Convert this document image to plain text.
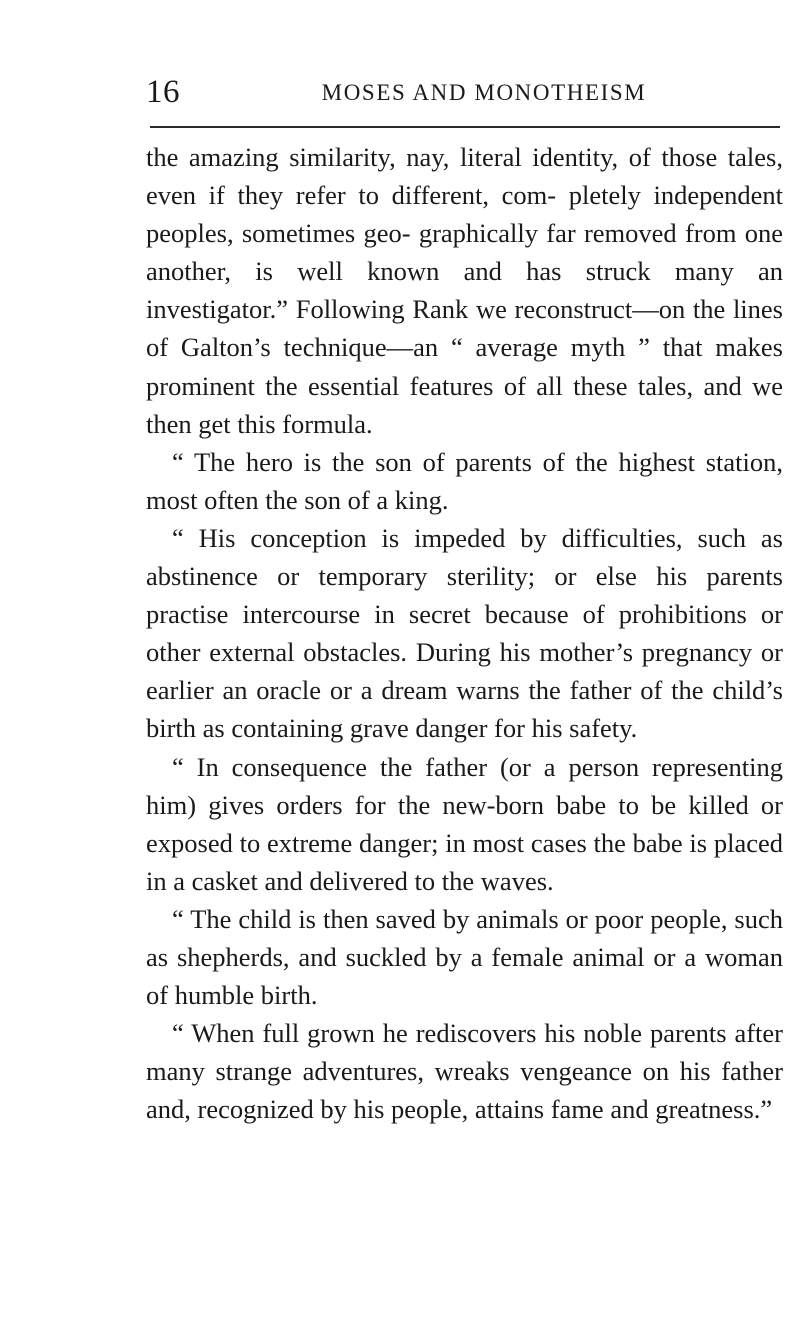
16	MOSES AND MONOTHEISM

the amazing similarity, nay, literal identity, of those tales, even if they refer to different, com- pletely independent peoples, sometimes geo- graphically far removed from one another, is well known and has struck many an investigator.” Following Rank we reconstruct—on the lines of Galton’s technique—an “ average myth ” that makes prominent the essential features of all these tales, and we then get this formula.

“ The hero is the son of parents of the highest station, most often the son of a king.

“ His conception is impeded by difficulties, such as abstinence or temporary sterility; or else his parents practise intercourse in secret because of prohibitions or other external obstacles. During his mother’s pregnancy or earlier an oracle or a dream warns the father of the child’s birth as containing grave danger for his safety.

“ In consequence the father (or a person representing him) gives orders for the new-born babe to be killed or exposed to extreme danger; in most cases the babe is placed in a casket and delivered to the waves.

“ The child is then saved by animals or poor people, such as shepherds, and suckled by a female animal or a woman of humble birth.

“ When full grown he rediscovers his noble parents after many strange adventures, wreaks vengeance on his father and, recognized by his people, attains fame and greatness.”
